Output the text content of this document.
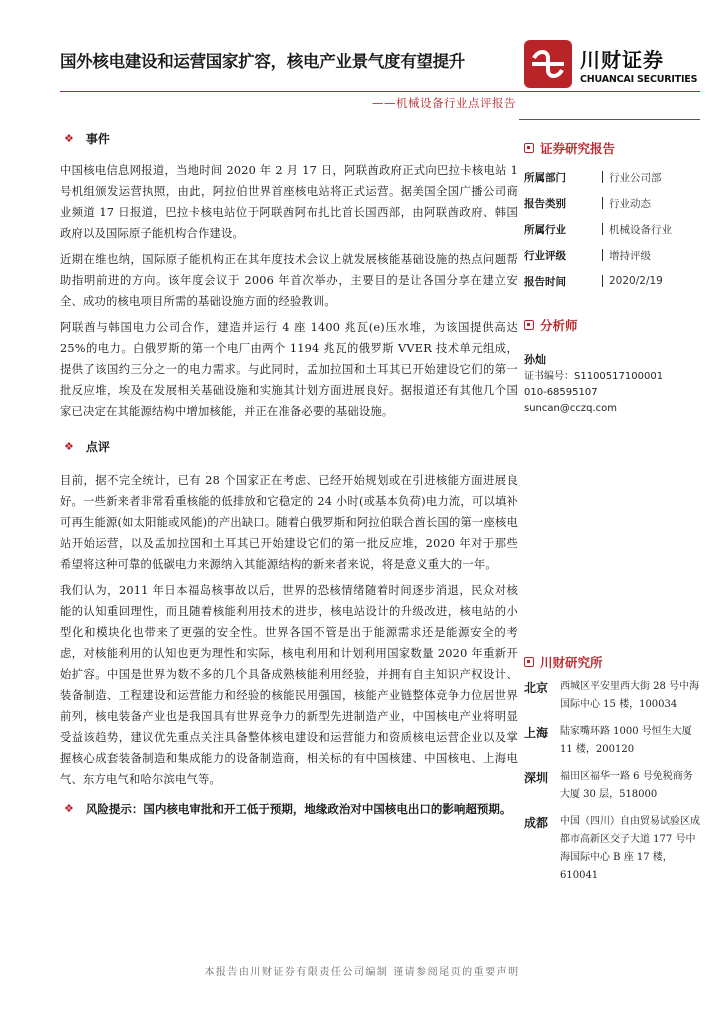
国外核电建设和运营国家扩容，核电产业景气度有望提升	川财证券
CHUANCAI SECURITIES
——机械设备行业点评报告
❖ 事件

中国核电信息网报道，当地时间 2020 年 2 月 17 日，阿联酋政府正式向巴拉卡核电站 1 号机组颁发运营执照，由此，阿拉伯世界首座核电站将正式运营。据美国全国广播公司商业频道 17 日报道，巴拉卡核电站位于阿联酋阿布扎比首长国西部，由阿联酋政府、韩国政府以及国际原子能机构合作建设。

近期在维也纳，国际原子能机构正在其年度技术会议上就发展核能基础设施的热点问题帮助指明前进的方向。该年度会议于 2006 年首次举办，主要目的是让各国分享在建立安全、成功的核电项目所需的基础设施方面的经验教训。

阿联酋与韩国电力公司合作，建造并运行 4 座 1400 兆瓦(e)压水堆，为该国提供高达 25%的电力。白俄罗斯的第一个电厂由两个 1194 兆瓦的俄罗斯 VVER 技术单元组成，提供了该国约三分之一的电力需求。与此同时，孟加拉国和土耳其已开始建设它们的第一批反应堆，埃及在发展相关基础设施和实施其计划方面进展良好。据报道还有其他几个国家已决定在其能源结构中增加核能，并正在准备必要的基础设施。

❖ 点评

目前，据不完全统计，已有 28 个国家正在考虑、已经开始规划或在引进核能方面进展良好。一些新来者非常看重核能的低排放和它稳定的 24 小时(或基本负荷)电力流，可以填补可再生能源(如太阳能或风能)的产出缺口。随着白俄罗斯和阿拉伯联合酋长国的第一座核电站开始运营，以及孟加拉国和土耳其已开始建设它们的第一批反应堆，2020 年对于那些希望将这种可靠的低碳电力来源纳入其能源结构的新来者来说，将是意义重大的一年。

我们认为，2011 年日本福岛核事故以后，世界的恐核情绪随着时间逐步消退，民众对核能的认知重回理性，而且随着核能利用技术的进步，核电站设计的升级改进，核电站的小型化和模块化也带来了更强的安全性。世界各国不管是出于能源需求还是能源安全的考虑，对核能利用的认知也更为理性和实际，核电利用和计划利用国家数量 2020 年重新开始扩容。中国是世界为数不多的几个具备成熟核能利用经验，并拥有自主知识产权设计、装备制造、工程建设和运营能力和经验的核能民用强国，核能产业链整体竞争力位居世界前列，核电装备产业也是我国具有世界竞争力的新型先进制造产业，中国核电产业将明显受益该趋势，建议优先重点关注具备整体核电建设和运营能力和资质核电运营企业以及掌握核心成套装备制造和集成能力的设备制造商，相关标的有中国核建、中国核电、上海电气、东方电气和哈尔滨电气等。

❖ 风险提示：国内核电审批和开工低于预期，地缘政治对中国核电出口的影响超预期。
证券研究报告
所属部门	行业公司部
报告类别	行业动态
所属行业	机械设备行业
行业评级	增持评级
报告时间	2020/2/19
分析师
孙灿
证书编号：S1100517100001
010-68595107
suncan@cczq.com
川财研究所
北京	西城区平安里西大街 28 号中海国际中心 15 楼，100034
上海	陆家嘴环路 1000 号恒生大厦 11 楼，200120
深圳	福田区福华一路 6 号免税商务大厦 30 层，518000
成都	中国（四川）自由贸易试验区成都市高新区交子大道 177 号中海国际中心 B 座 17 楼，610041
本报告由川财证券有限责任公司编制 谨请参阅尾页的重要声明
